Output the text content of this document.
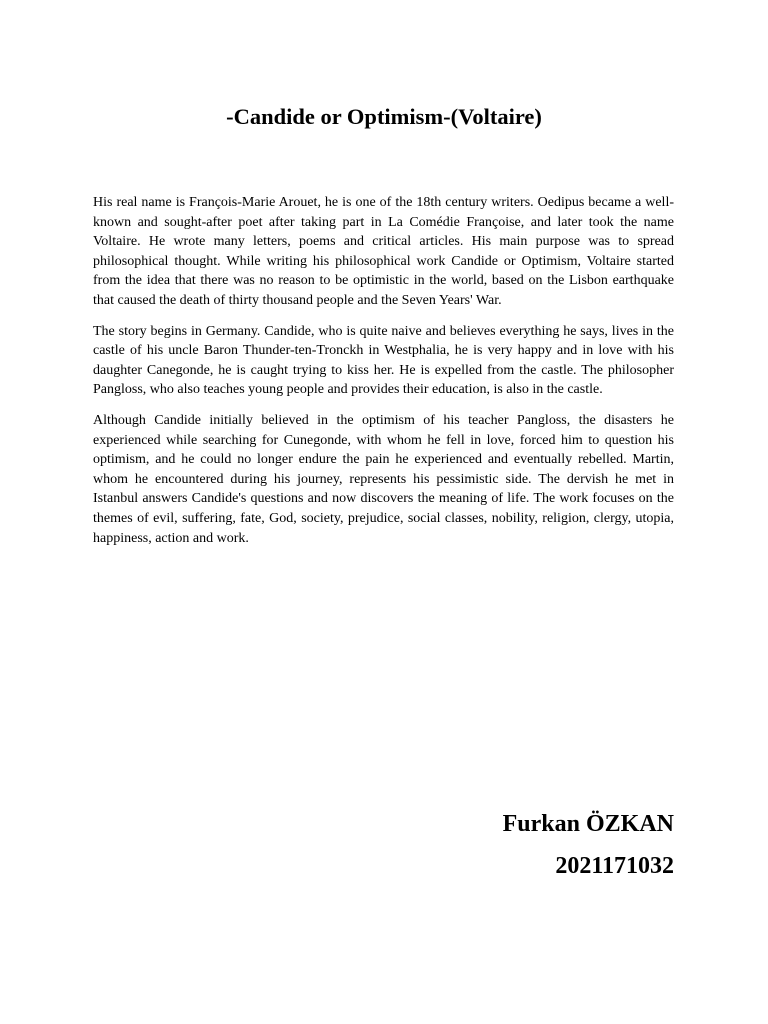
-Candide or Optimism-(Voltaire)

His real name is François-Marie Arouet, he is one of the 18th century writers. Oedipus became a well-known and sought-after poet after taking part in La Comédie Françoise, and later took the name Voltaire. He wrote many letters, poems and critical articles. His main purpose was to spread philosophical thought. While writing his philosophical work Candide or Optimism, Voltaire started from the idea that there was no reason to be optimistic in the world, based on the Lisbon earthquake that caused the death of thirty thousand people and the Seven Years' War.

The story begins in Germany. Candide, who is quite naive and believes everything he says, lives in the castle of his uncle Baron Thunder-ten-Tronckh in Westphalia, he is very happy and in love with his daughter Canegonde, he is caught trying to kiss her. He is expelled from the castle. The philosopher Pangloss, who also teaches young people and provides their education, is also in the castle.

Although Candide initially believed in the optimism of his teacher Pangloss, the disasters he experienced while searching for Cunegonde, with whom he fell in love, forced him to question his optimism, and he could no longer endure the pain he experienced and eventually rebelled. Martin, whom he encountered during his journey, represents his pessimistic side. The dervish he met in Istanbul answers Candide's questions and now discovers the meaning of life. The work focuses on the themes of evil, suffering, fate, God, society, prejudice, social classes, nobility, religion, clergy, utopia, happiness, action and work.

Furkan ÖZKAN

2021171032
